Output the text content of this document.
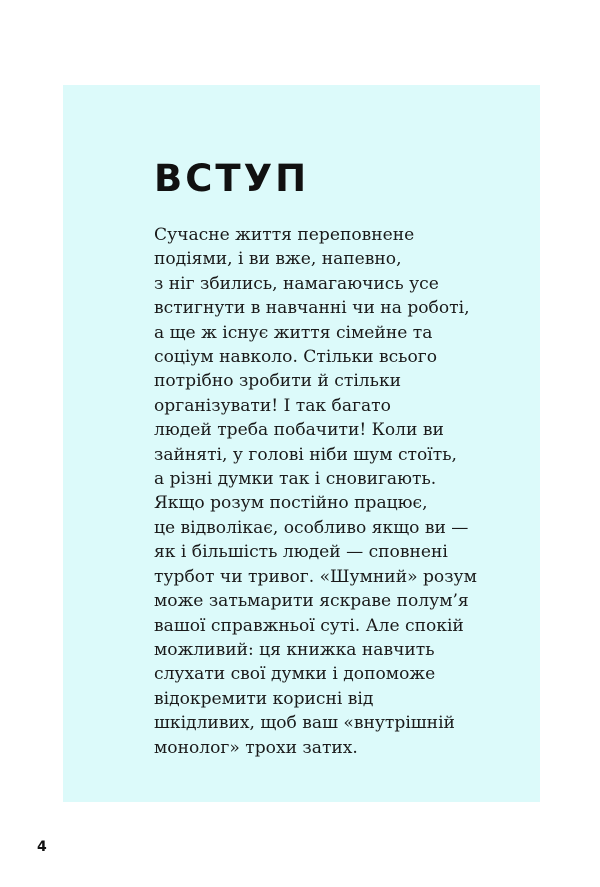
ВСТУП

Сучасне життя переповнене
подіями, і ви вже, напевно,
з ніг збились, намагаючись усе
встигнути в навчанні чи на роботі,
а ще ж існує життя сімейне та
соціум навколо. Стільки всього
потрібно зробити й стільки
організувати! І так багато
людей треба побачити! Коли ви
зайняті, у голові ніби шум стоїть,
а різні думки так і сновигають.
Якщо розум постійно працює,
це відволікає, особливо якщо ви —
як і більшість людей — сповнені
турбот чи тривог. «Шумний» розум
може затьмарити яскраве полум’я
вашої справжньої суті. Але спокій
можливий: ця книжка навчить
слухати свої думки і допоможе
відокремити корисні від
шкідливих, щоб ваш «внутрішній
монолог» трохи затих.

4
